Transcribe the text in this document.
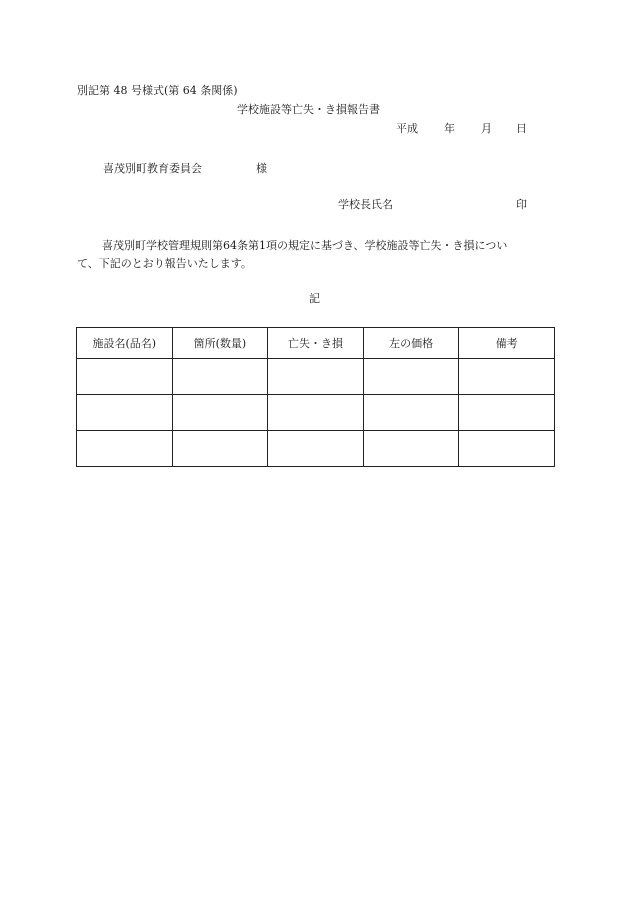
別記第 48 号様式(第 64 条関係)
学校施設等亡失・き損報告書
平成 年 月 日
喜茂別町教育委員会	様
学校長氏名	印
喜茂別町学校管理規則第64条第1項の規定に基づき、学校施設等亡失・き損につい
て、下記のとおり報告いたします。
記
施設名(品名)	箇所(数量)	亡失・き損	左の価格	備考
